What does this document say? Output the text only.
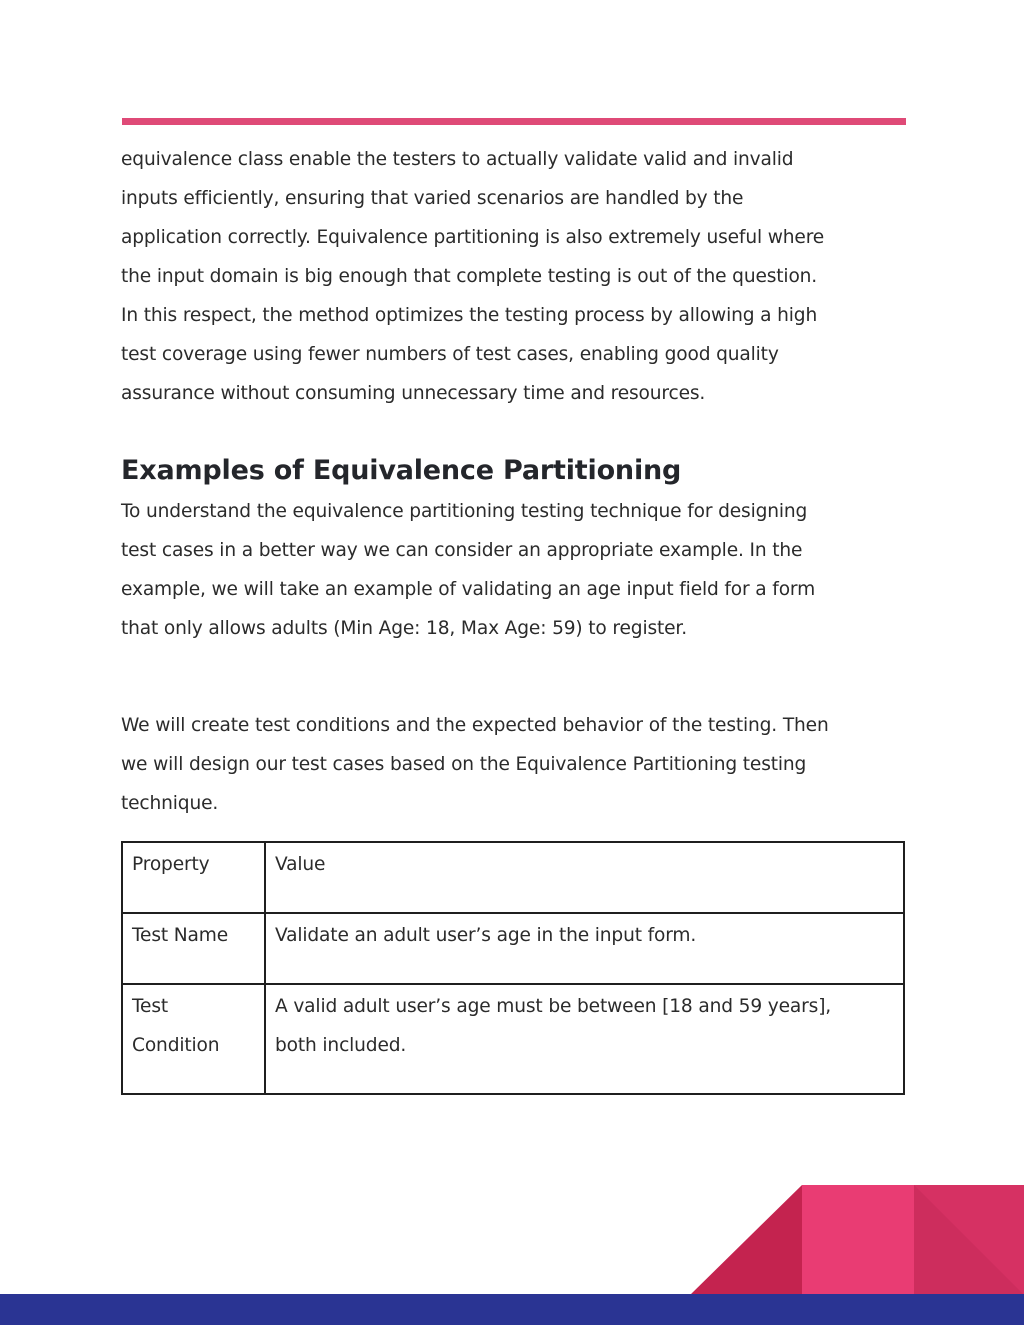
equivalence class enable the testers to actually validate valid and invalid
inputs efficiently, ensuring that varied scenarios are handled by the
application correctly. Equivalence partitioning is also extremely useful where
the input domain is big enough that complete testing is out of the question.
In this respect, the method optimizes the testing process by allowing a high
test coverage using fewer numbers of test cases, enabling good quality
assurance without consuming unnecessary time and resources.

Examples of Equivalence Partitioning

To understand the equivalence partitioning testing technique for designing
test cases in a better way we can consider an appropriate example. In the
example, we will take an example of validating an age input field for a form
that only allows adults (Min Age: 18, Max Age: 59) to register.

We will create test conditions and the expected behavior of the testing. Then
we will design our test cases based on the Equivalence Partitioning testing
technique.

Property	Value

Test Name	Validate an adult user’s age in the input form.

Test
Condition	A valid adult user’s age must be between [18 and 59 years],
both included.
